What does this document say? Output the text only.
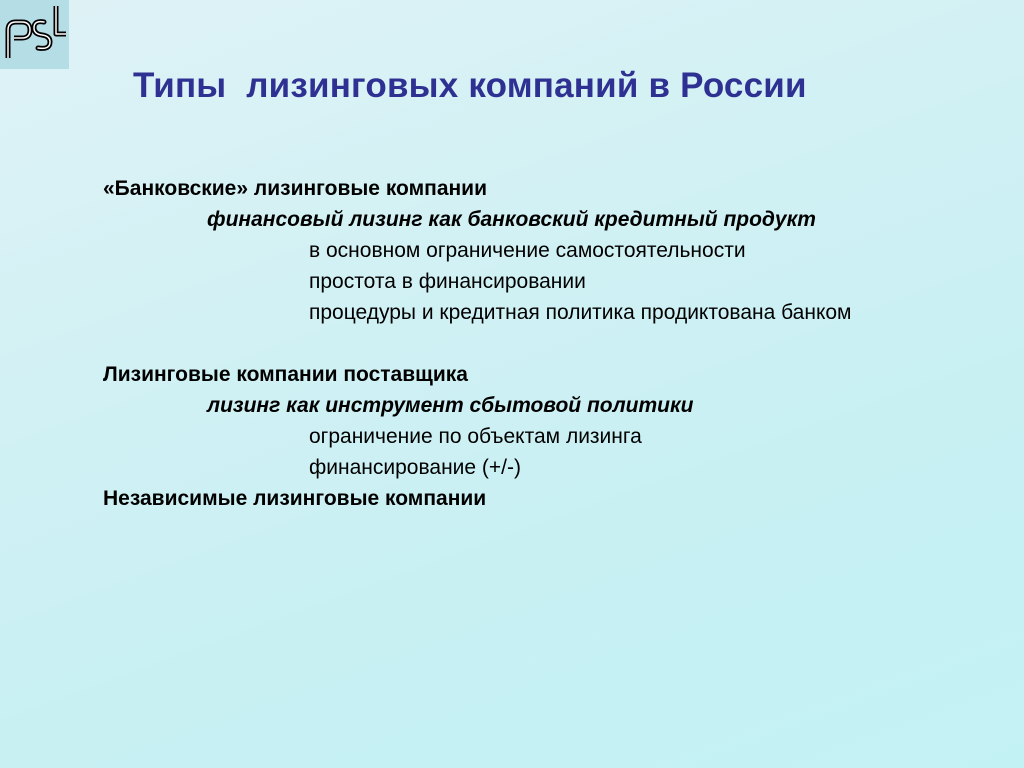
Типы  лизинговых компаний в России
«Банковские» лизинговые компании
финансовый лизинг как банковский кредитный продукт
в основном ограничение самостоятельности
простота в финансировании
процедуры и кредитная политика продиктована банком
Лизинговые компании поставщика
лизинг как инструмент сбытовой политики
ограничение по объектам лизинга
финансирование (+/-)
Независимые лизинговые компании
